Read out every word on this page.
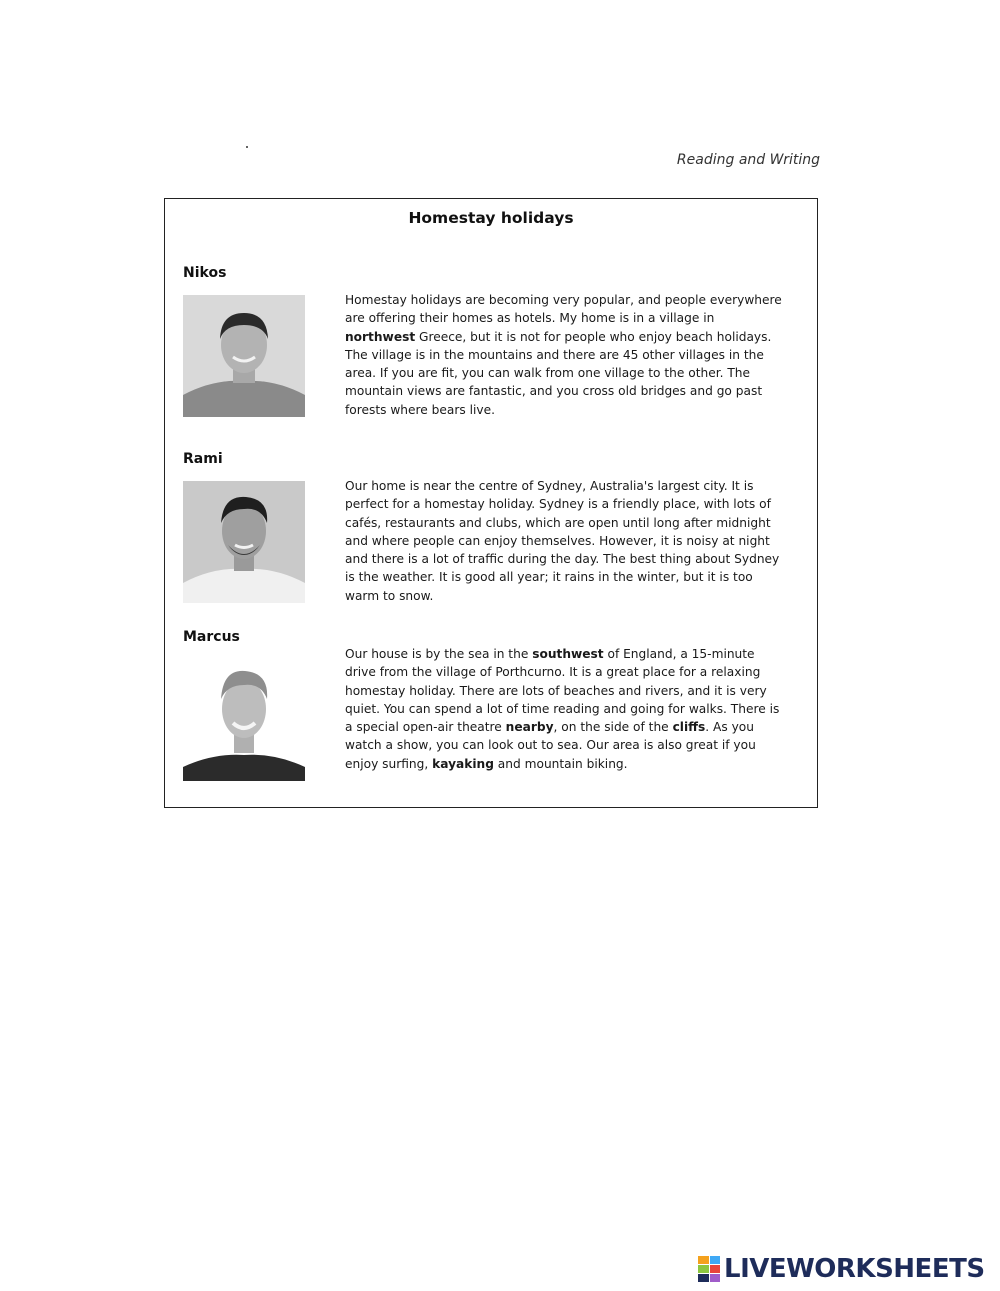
Reading and Writing
Homestay holidays
Nikos

Homestay holidays are becoming very popular, and people everywhere are offering their homes as hotels. My home is in a village in northwest Greece, but it is not for people who enjoy beach holidays. The village is in the mountains and there are 45 other villages in the area. If you are fit, you can walk from one village to the other. The mountain views are fantastic, and you cross old bridges and go past forests where bears live.

Rami

Our home is near the centre of Sydney, Australia's largest city. It is perfect for a homestay holiday. Sydney is a friendly place, with lots of cafés, restaurants and clubs, which are open until long after midnight and where people can enjoy themselves. However, it is noisy at night and there is a lot of traffic during the day. The best thing about Sydney is the weather. It is good all year; it rains in the winter, but it is too warm to snow.

Marcus

Our house is by the sea in the southwest of England, a 15-minute drive from the village of Porthcurno. It is a great place for a relaxing homestay holiday. There are lots of beaches and rivers, and it is very quiet. You can spend a lot of time reading and going for walks. There is a special open-air theatre nearby, on the side of the cliffs. As you watch a show, you can look out to sea. Our area is also great if you enjoy surfing, kayaking and mountain biking.

LIVEWORKSHEETS
